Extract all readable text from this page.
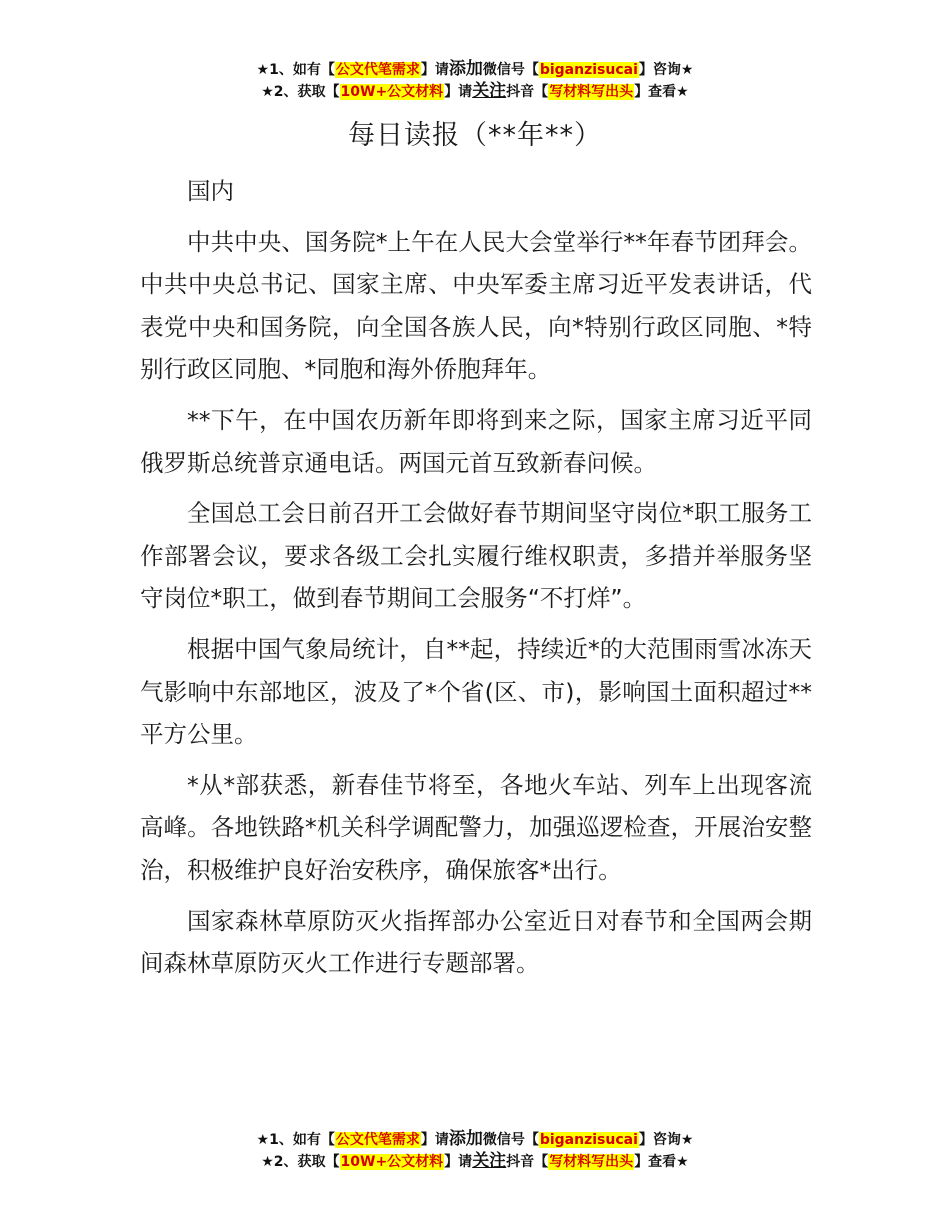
★1、如有【公文代笔需求】请添加微信号【biganzisucai】咨询★
★2、获取【10W+公文材料】请关注抖音【写材料写出头】查看★
每日读报（**年**）

国内

中共中央、国务院*上午在人民大会堂举行**年春节团拜会。中共中央总书记、国家主席、中央军委主席习近平发表讲话，代表党中央和国务院，向全国各族人民，向*特别行政区同胞、*特别行政区同胞、*同胞和海外侨胞拜年。

**下午，在中国农历新年即将到来之际，国家主席习近平同俄罗斯总统普京通电话。两国元首互致新春问候。

全国总工会日前召开工会做好春节期间坚守岗位*职工服务工作部署会议，要求各级工会扎实履行维权职责，多措并举服务坚守岗位*职工，做到春节期间工会服务“不打烊”。

根据中国气象局统计，自**起，持续近*的大范围雨雪冰冻天气影响中东部地区，波及了*个省(区、市)，影响国土面积超过**平方公里。

*从*部获悉，新春佳节将至，各地火车站、列车上出现客流高峰。各地铁路*机关科学调配警力，加强巡逻检查，开展治安整治，积极维护良好治安秩序，确保旅客*出行。

国家森林草原防灭火指挥部办公室近日对春节和全国两会期间森林草原防灭火工作进行专题部署。

★1、如有【公文代笔需求】请添加微信号【biganzisucai】咨询★
★2、获取【10W+公文材料】请关注抖音【写材料写出头】查看★
